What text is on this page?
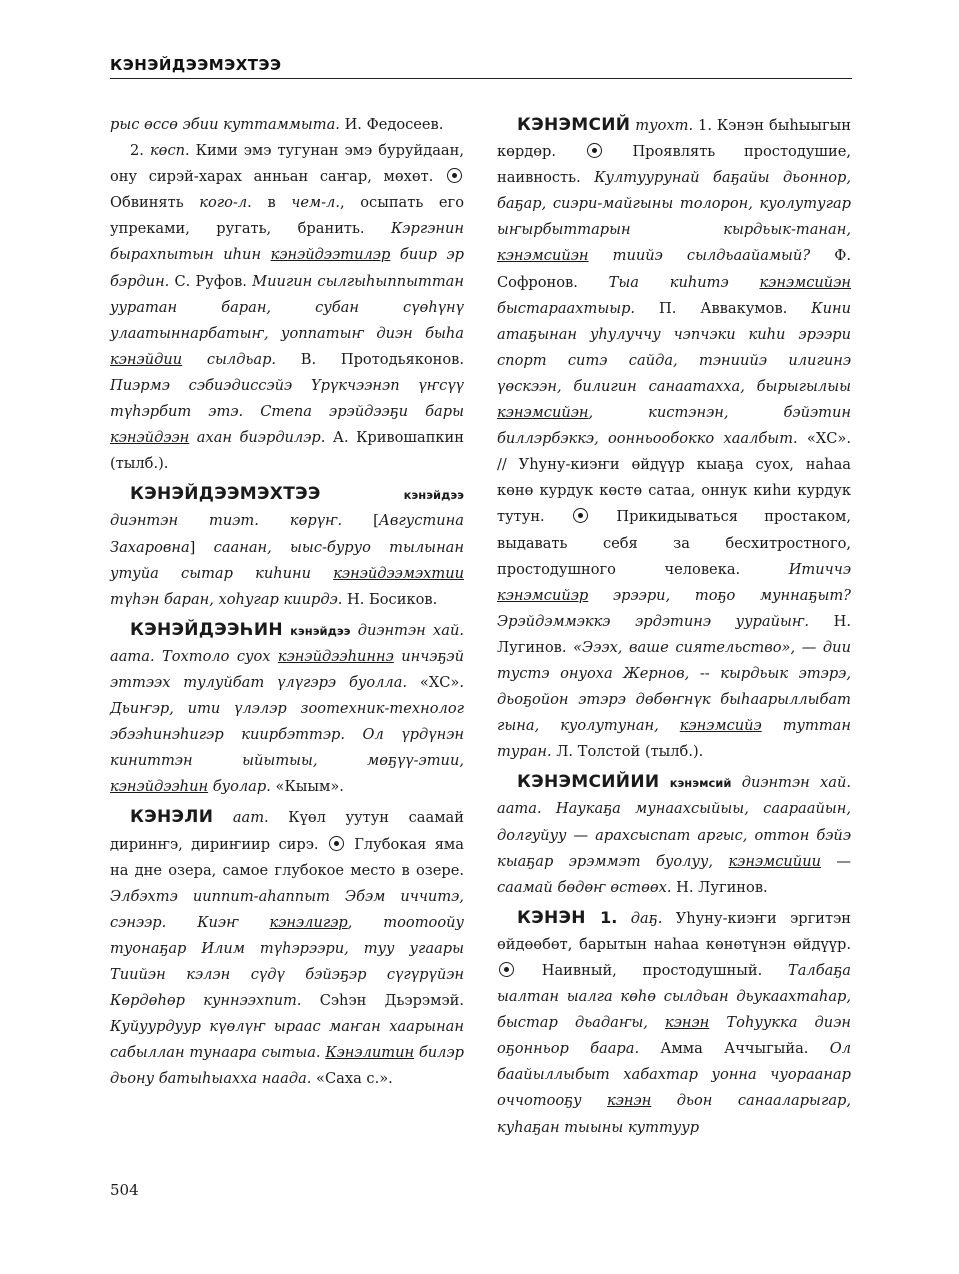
КЭНЭЙДЭЭМЭХТЭЭ

рыс өссө эбии куттаммыта. И. Федосеев.

2. көсп. Кими эмэ тугунан эмэ буруйдаан, ону сирэй-харах анньан саҥар, мөхөт.  Обвинять кого-л. в чем-л., осыпать его упреками, ругать, бранить. Кэргэнин бырахпытын иһин кэнэйдээтилэр биир эр бэрдин. С. Руфов. Миигин сылгыһыппыттан ууратан баран, субан сүөһүнү улаатыннарбатыҥ, уоппатыҥ диэн быһа кэнэйдии сылдьар. В. Протодьяконов. Пиэрмэ сэбиэдиссэйэ Үрүкчээнэп үҥсүү түһэрбит этэ. Степа эрэйдээҕи бары кэнэйдээн ахан биэрдилэр. А. Кривошапкин (тылб.).

КЭНЭЙДЭЭМЭХТЭЭ	кэнэйдээ диэнтэн тиэт. көрүҥ. [Августина Захаровна] саанан, ыыс-буруо тылынан утуйа сытар киһини кэнэйдээмэхтии түһэн баран, хоһугар киирдэ. Н. Босиков.

КЭНЭЙДЭЭҺИН кэнэйдээ диэнтэн хай. аата. Тохтоло суох кэнэйдээһиннэ инчэҕэй эттээх тулуйбат үлүгэрэ буолла. «ХС». Дьиҥэр, ити үлэлэр зоотехник-технолог эбээһинэһигэр киирбэттэр. Ол үрдүнэн киниттэн ыйытыы, мөҕүү-этии, кэнэйдээһин буолар. «Кыым».

КЭНЭЛИ аат. Күөл уутун саамай диринҥэ, дириҥиир сирэ.  Глубокая яма на дне озера, самое глубокое место в озере. Элбэхтэ ииппит-аһаппыт Эбэм иччитэ, сэнээр. Киэҥ кэнэлигэр, тоотоойу туонаҕар Илим түһэрээри, туу угаары Тиийэн кэлэн сүдү бэйэҕэр сүгүрүйэн Көрдөһөр куннээхпит. Сэһэн Дьэрэмэй. Куйуурдуур күөлүҥ ыраас маҥан хаарынан сабыллан тунаара сытыа. Кэнэлитин билэр дьону батыһыахха наада. «Саха с.».

КЭНЭМСИЙ туохт. 1. Кэнэн быһыыгын көрдөр.  Проявлять простодушие, наивность. Култуурунай баҕайы дьоннор, баҕар, сиэри-майгыны толорон, куолутугар ыҥырбыттарын кырдьык-танан, кэнэмсийэн тиийэ сылдьаайамый? Ф. Софронов. Тыа киһитэ кэнэмсийэн быстараахтыыр. П. Аввакумов. Кини атаҕынан уһулуччу чэпчэки киһи эрээри спорт ситэ сайда, тэниийэ илигинэ үөскээн, билигин санаатахха, бырыгылыы кэнэмсийэн, кистэнэн, бэйэтин биллэрбэккэ, оонньообокко хаалбыт. «ХС». // Уһуну-киэҥи өйдүүр кыаҕа суох, наһаа көнө курдук көстө сатаа, оннук киһи курдук тутун.  Прикидываться простаком, выдавать себя за бесхитростного, простодушного человека. Итиччэ кэнэмсийэр эрээри, тоҕо муннаҕыт? Эрэйдэммэккэ эрдэтинэ уурайыҥ. Н. Лугинов. «Эээх, ваше сиятельство», — дии тустэ онуоха Жернов, -- кырдьык этэрэ, дьоҕойон этэрэ дөбөҥнүк быһаарыллыбат гына, куолутунан, кэнэмсийэ туттан туран. Л. Толстой (тылб.).

КЭНЭМСИЙИИ кэнэмсий диэнтэн хай. аата. Наукаҕа мунаахсыйыы, саараайын, долгуйуу — арахсыспат аргыс, оттон бэйэ кыаҕар эрэммэт буолуу, кэнэмсийии — саамай бөдөҥ өстөөх. Н. Лугинов.

КЭНЭН 1. даҕ. Уһуну-киэҥи эргитэн өйдөөбөт, барытын наһаа көнөтүнэн өйдүүр.  Наивный, простодушный. Талбаҕа ыалтан ыалга көһө сылдьан дьукаахтаһар, быстар дьадаҥы, кэнэн Тоһуукка диэн оҕонньор баара. Амма Аччыгыйа. Ол баайыллыбыт хабахтар уонна чуораанар оччотооҕу кэнэн дьон санааларыгар, куһаҕан тыыны куттуур

504
